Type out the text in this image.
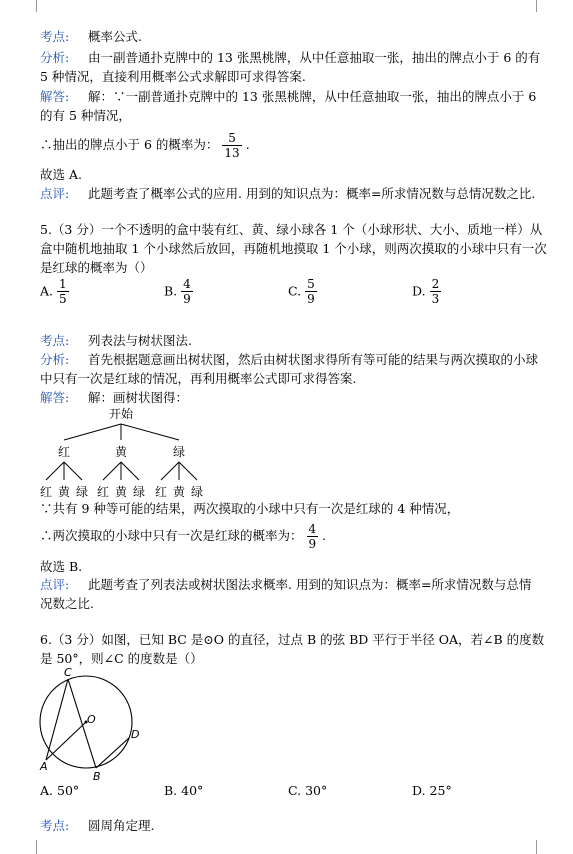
考点: 概率公式.
分析: 由一副普通扑克牌中的 13 张黑桃牌，从中任意抽取一张，抽出的牌点小于 6 的有
5 种情况，直接利用概率公式求解即可求得答案.
解答: 解：∵一副普通扑克牌中的 13 张黑桃牌，从中任意抽取一张，抽出的牌点小于 6
的有 5 种情况，
∴抽出的牌点小于 6 的概率为： $\frac{5}{13}$ .
故选 A.
点评: 此题考查了概率公式的应用. 用到的知识点为：概率=所求情况数与总情况数之比.
5.（3 分）一个不透明的盒中装有红、黄、绿小球各 1 个（小球形状、大小、质地一样）从
盒中随机地抽取 1 个小球然后放回，再随机地摸取 1 个小球，则两次摸取的小球中只有一次
是红球的概率为（）
A. $\frac{1}{5}$	B. $\frac{4}{9}$	C. $\frac{5}{9}$	D. $\frac{2}{3}$
考点: 列表法与树状图法.
分析: 首先根据题意画出树状图，然后由树状图求得所有等可能的结果与两次摸取的小球
中只有一次是红球的情况，再利用概率公式即可求得答案.
解答: 解：画树状图得：
开始
红	黄	绿
红 黄 绿 红 黄 绿 红 黄 绿
∵共有 9 种等可能的结果，两次摸取的小球中只有一次是红球的 4 种情况，
∴两次摸取的小球中只有一次是红球的概率为： $\frac{4}{9}$ .
故选 B.
点评: 此题考查了列表法或树状图法求概率. 用到的知识点为：概率=所求情况数与总情
况数之比.
6.（3 分）如图，已知 BC 是⊙O 的直径，过点 B 的弦 BD 平行于半径 OA，若∠B 的度数
是 50°，则∠C 的度数是（）
C
O
D
A
B
A. 50°	B. 40°	C. 30°	D. 25°
考点: 圆周角定理.
